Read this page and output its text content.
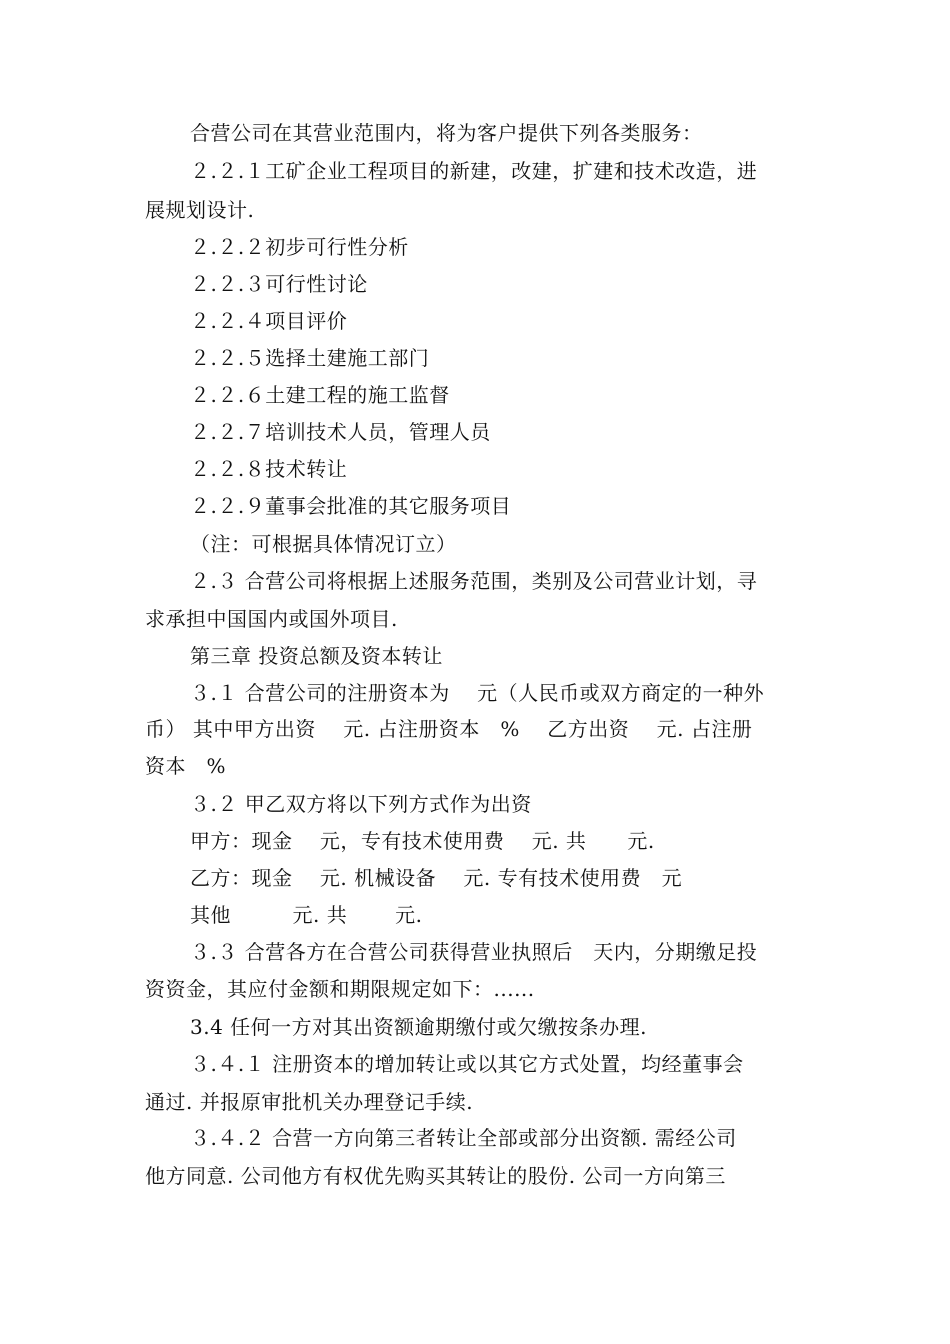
合营公司在其营业范围内，将为客户提供下列各类服务：
２.２.１工矿企业工程项目的新建，改建，扩建和技术改造，进
展规划设计.
２.２.２初步可行性分析
２.２.３可行性讨论
２.２.４项目评价
２.２.５选择土建施工部门
２.２.６土建工程的施工监督
２.２.７培训技术人员，管理人员
２.２.８技术转让
２.２.９董事会批准的其它服务项目
（注：可根据具体情况订立）
２.３ 合营公司将根据上述服务范围，类别及公司营业计划，寻
求承担中国国内或国外项目.
第三章 投资总额及资本转让
３.１ 合营公司的注册资本为　 元（人民币或双方商定的一种外
币） 其中甲方出资　 元. 占注册资本　%　 乙方出资　 元. 占注册
资本　%
３.２ 甲乙双方将以下列方式作为出资
甲方：现金　 元，专有技术使用费　 元. 共　　元.
乙方：现金　 元. 机械设备　 元. 专有技术使用费　元
其他　　　元. 共　　 元.
３.３ 合营各方在合营公司获得营业执照后　天内，分期缴足投
资资金，其应付金额和期限规定如下：......
3.4 任何一方对其出资额逾期缴付或欠缴按条办理.
３.４.１ 注册资本的增加转让或以其它方式处置，均经董事会
通过. 并报原审批机关办理登记手续.
３.４.２ 合营一方向第三者转让全部或部分出资额. 需经公司
他方同意. 公司他方有权优先购买其转让的股份. 公司一方向第三
